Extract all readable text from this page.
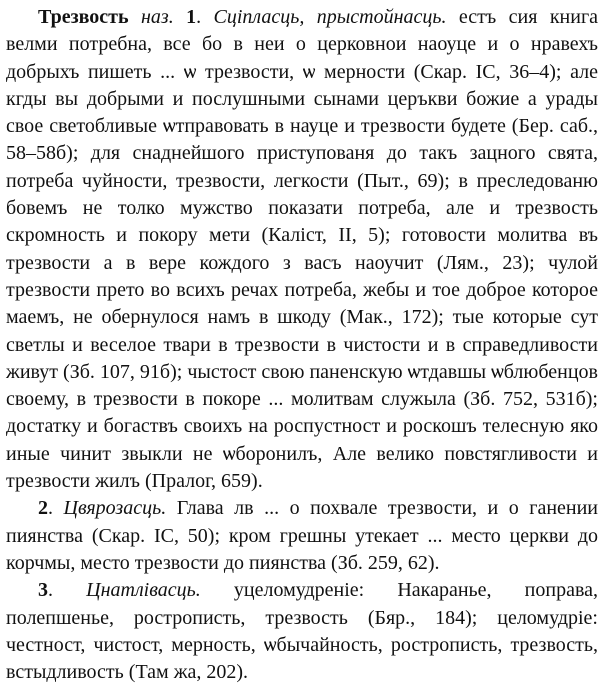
Трезвость наз. 1. Сціпласць, прыстойнасць. естъ сия книга велми потребна, все бо в неи о церковнои наоуце и о нравехъ добрыхъ пишеть ... ѡ трезвости, ѡ мерности (Скар. ІС, 36–4); але кгды вы добрыми и послушными сынами церъкви божие а урады свое светобливые ѡтправовать в науце и трезвости будете (Бер. саб., 58–58б); для снаднейшого приступованя до такъ зацного свята, потреба чуйности, трезвости, легкости (Пыт., 69); в преследованю бовемъ не толко мужство показати потреба, але и трезвость скромность и покору мети (Каліст, ІІ, 5); готовости молитва въ трезвости а в вере кождого з васъ наоучит (Лям., 23); чулой трезвости прето во всихъ речах потреба, жебы и тое доброе которое маемъ, не обернулося намъ в шкоду (Мак., 172); тые которые сут светлы и веселое твари в трезвости в чистости и в справедливости живут (Зб. 107, 91б); чыстост свою паненскую ѡтдавшы ѡблюбенцов своему, в трезвости в покоре ... молитвам служыла (Зб. 752, 531б); достатку и богаствъ своихъ на роспустност и роскошъ телесную яко иные чинит звыкли не ѡборонилъ, Але велико повстягливости и трезвости жилъ (Пралог, 659).

2. Цвярозасць. Глава лв ... о похвале трезвости, и о ганении пиянства (Скар. ІС, 50); кром грешны утекает ... место церкви до корчмы, место трезвости до пиянства (Зб. 259, 62).

3. Цнатлівасць. уцеломудреніе: Накаранье, поправа, полепшенье, рострописть, трезвость (Бяр., 184); целомудріе: честност, чистост, мерность, ѡбычайность, рострописть, трезвость, встыдливость (Там жа, 202).
